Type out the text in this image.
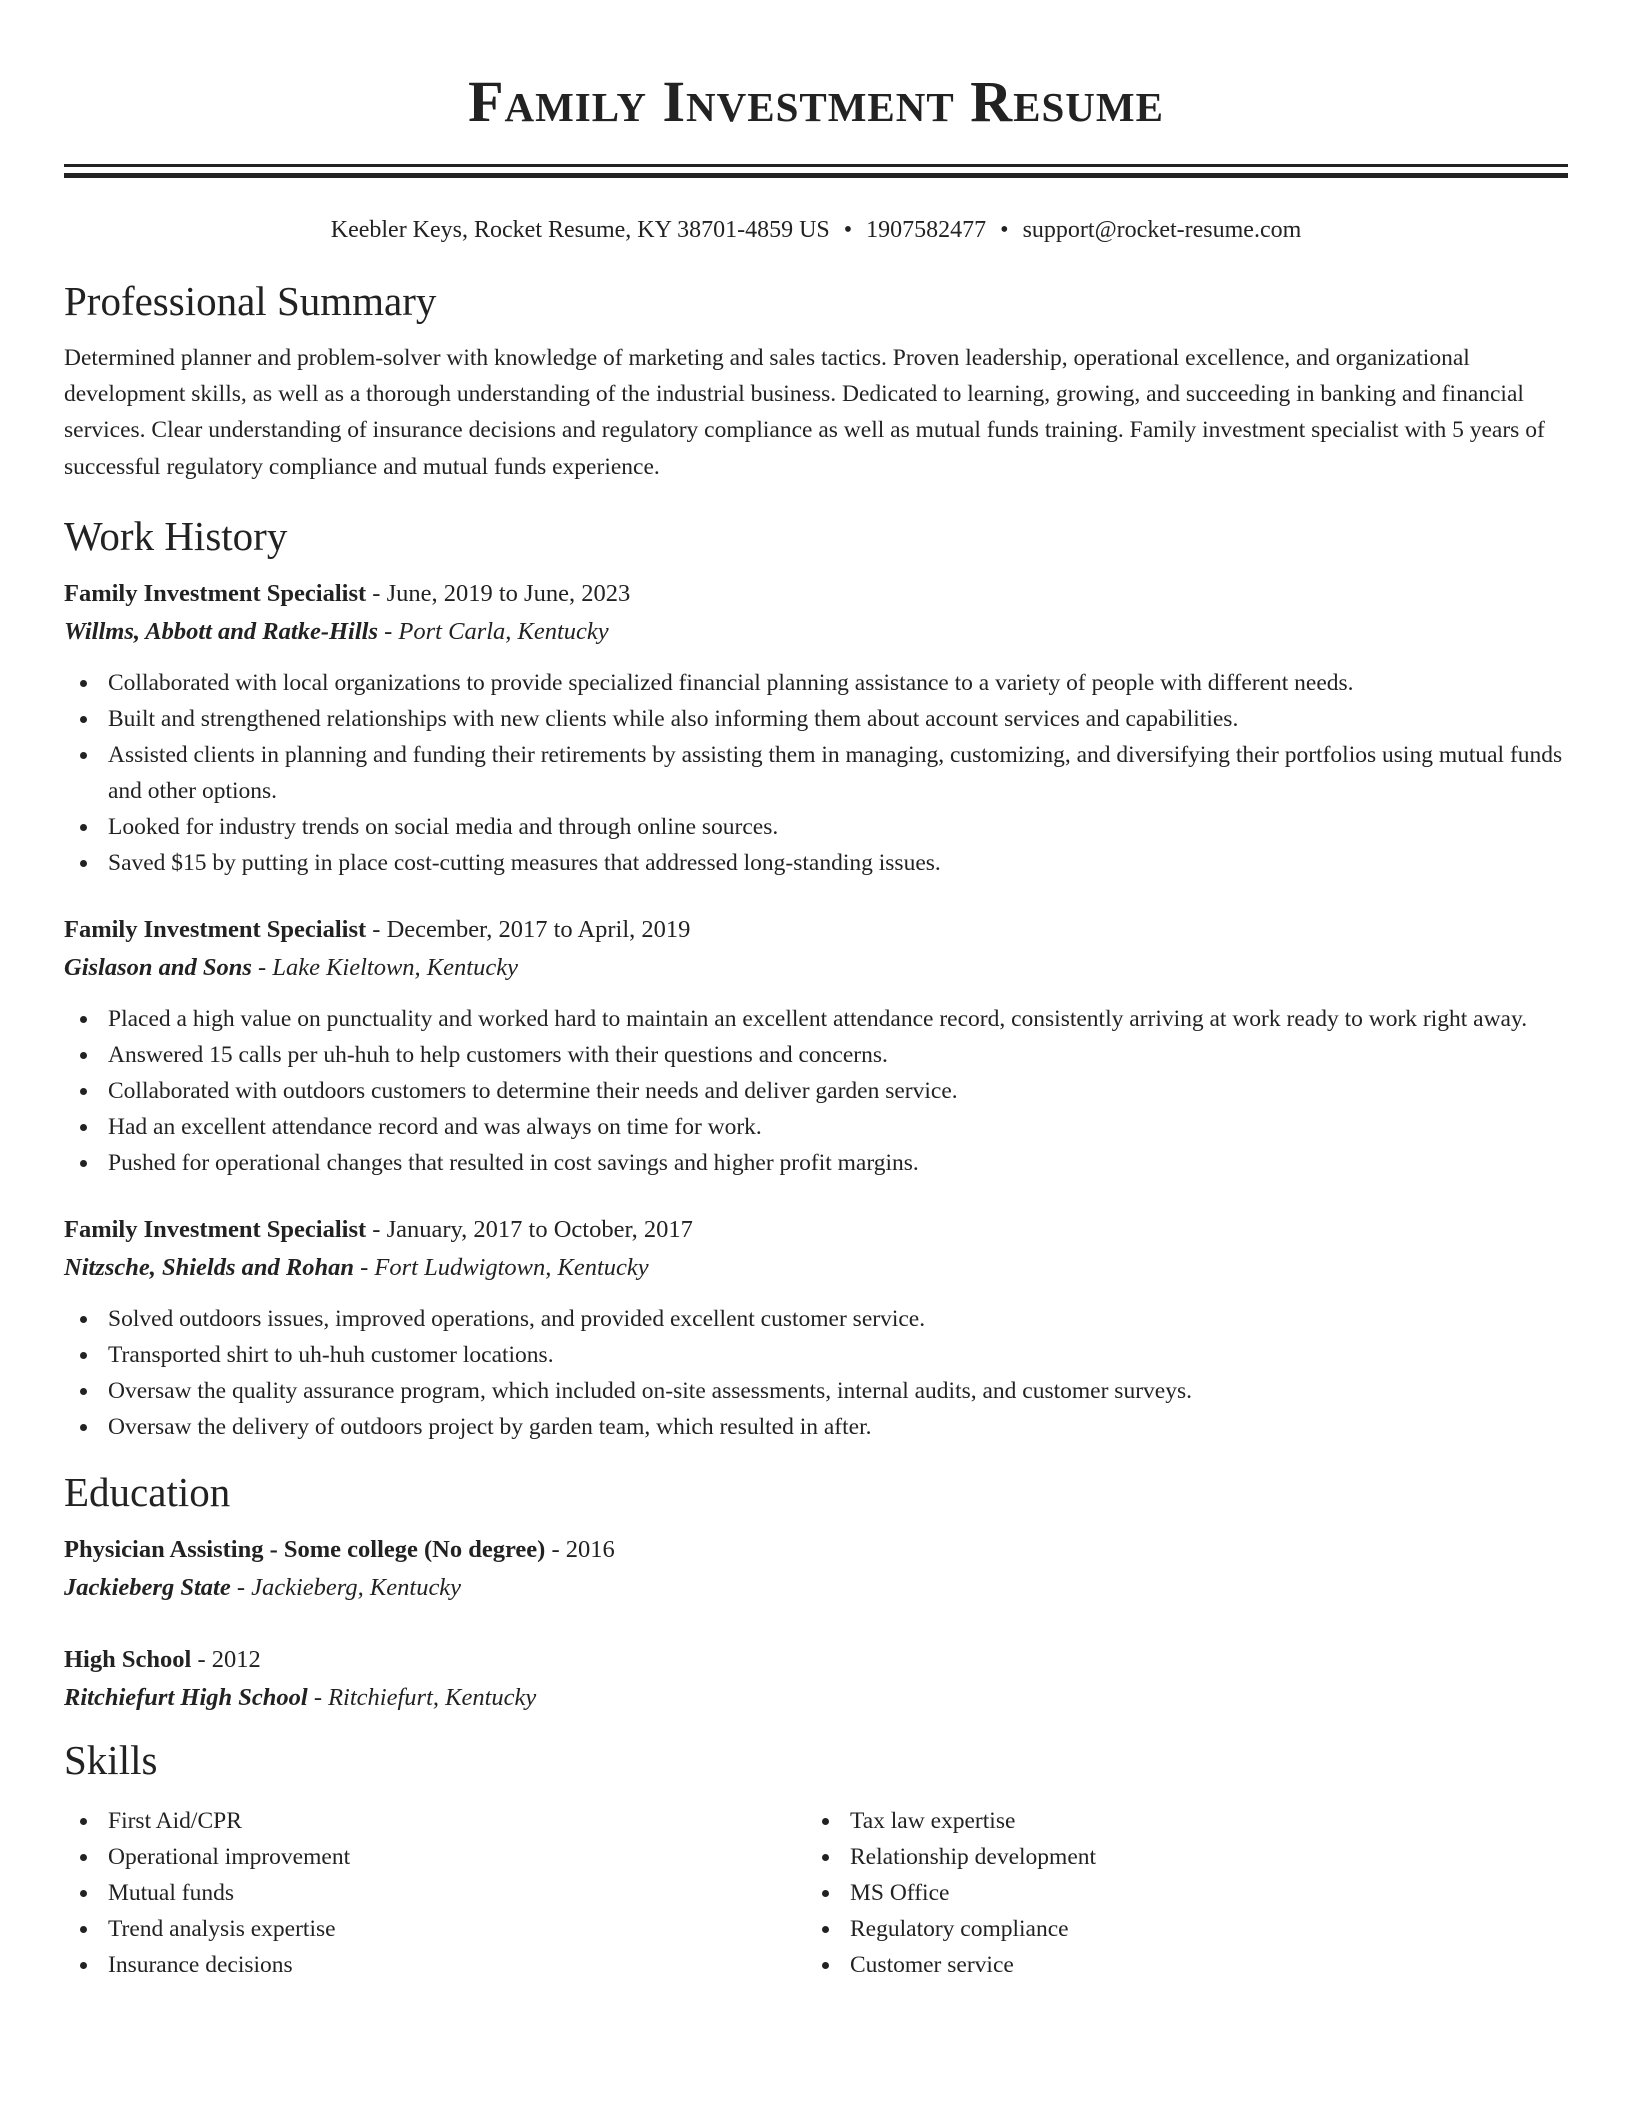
Family Investment Resume
Keebler Keys, Rocket Resume, KY 38701-4859 US • 1907582477 • support@rocket-resume.com
Professional Summary

Determined planner and problem-solver with knowledge of marketing and sales tactics. Proven leadership, operational excellence, and organizational development skills, as well as a thorough understanding of the industrial business. Dedicated to learning, growing, and succeeding in banking and financial services. Clear understanding of insurance decisions and regulatory compliance as well as mutual funds training. Family investment specialist with 5 years of successful regulatory compliance and mutual funds experience.

Work History

Family Investment Specialist - June, 2019 to June, 2023

Willms, Abbott and Ratke-Hills - Port Carla, Kentucky

Collaborated with local organizations to provide specialized financial planning assistance to a variety of people with different needs.
Built and strengthened relationships with new clients while also informing them about account services and capabilities.
Assisted clients in planning and funding their retirements by assisting them in managing, customizing, and diversifying their portfolios using mutual funds and other options.
Looked for industry trends on social media and through online sources.
Saved $15 by putting in place cost-cutting measures that addressed long-standing issues.

Family Investment Specialist - December, 2017 to April, 2019

Gislason and Sons - Lake Kieltown, Kentucky

Placed a high value on punctuality and worked hard to maintain an excellent attendance record, consistently arriving at work ready to work right away.
Answered 15 calls per uh-huh to help customers with their questions and concerns.
Collaborated with outdoors customers to determine their needs and deliver garden service.
Had an excellent attendance record and was always on time for work.
Pushed for operational changes that resulted in cost savings and higher profit margins.

Family Investment Specialist - January, 2017 to October, 2017

Nitzsche, Shields and Rohan - Fort Ludwigtown, Kentucky

Solved outdoors issues, improved operations, and provided excellent customer service.
Transported shirt to uh-huh customer locations.
Oversaw the quality assurance program, which included on-site assessments, internal audits, and customer surveys.
Oversaw the delivery of outdoors project by garden team, which resulted in after.
Education

Physician Assisting - Some college (No degree) - 2016

Jackieberg State - Jackieberg, Kentucky

High School - 2012

Ritchiefurt High School - Ritchiefurt, Kentucky

Skills
First Aid/CPR
Operational improvement
Mutual funds
Trend analysis expertise
Insurance decisions
Tax law expertise
Relationship development
MS Office
Regulatory compliance
Customer service
